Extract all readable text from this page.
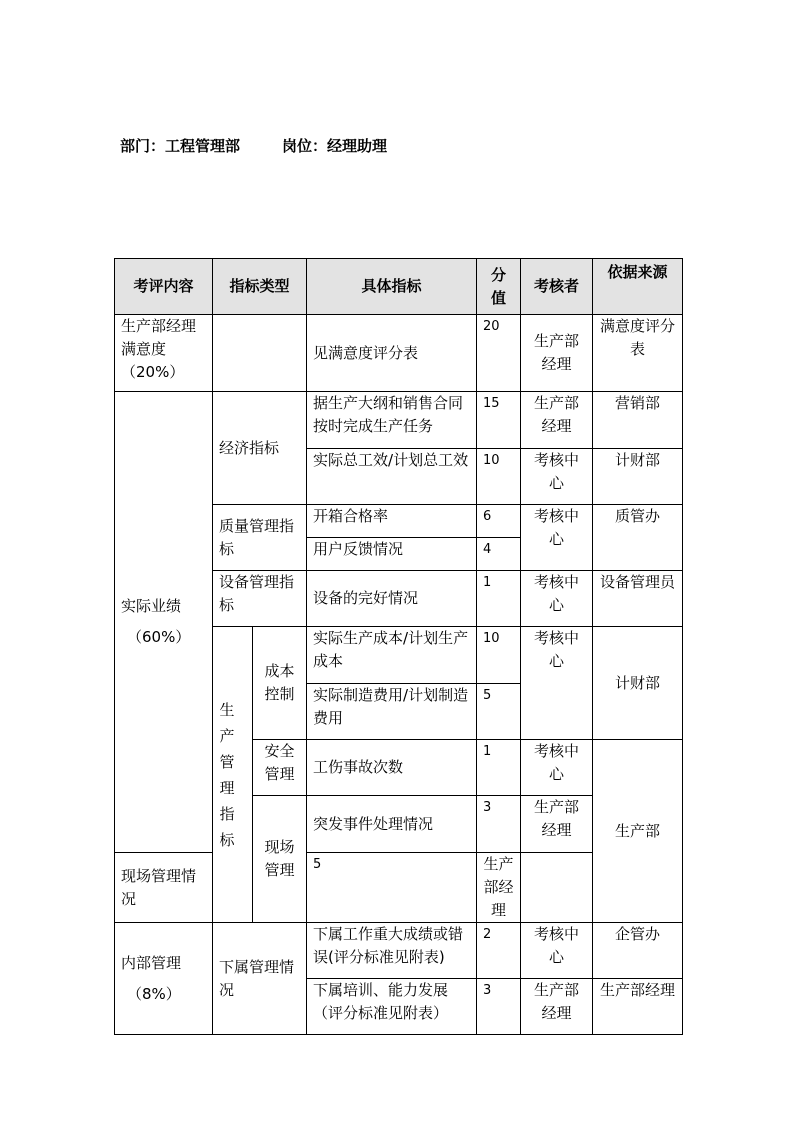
部门：工程管理部	岗位：经理助理
考评内容	指标类型		具体指标	分值	考核者	依据来源
生产部经理满意度（20%）			见满意度评分表	20	生产部经理	满意度评分表

实际业绩
（60%）	经济指标		据生产大纲和销售合同按时完成生产任务	15	生产部经理	营销部
			实际总工效/计划总工效	10	考核中心	计财部
	质量管理指标		开箱合格率	6	考核中心	质管办
			用户反馈情况	4		
	设备管理指标		设备的完好情况	1	考核中心	设备管理员

	生产管理指标	成本控制	实际生产成本/计划生产成本	10	考核中心	计财部
			实际制造费用/计划制造费用	5		
		安全管理	工伤事故次数	1	考核中心	生产部
		现场管理	突发事件处理情况	3	生产部经理	
现场管理情况			5	生产部经理		

内部管理
（8%）	下属管理情况		下属工作重大成绩或错误(评分标准见附表)	2	考核中心	企管办
			下属培训、能力发展（评分标准见附表）	3	生产部经理	生产部经理
